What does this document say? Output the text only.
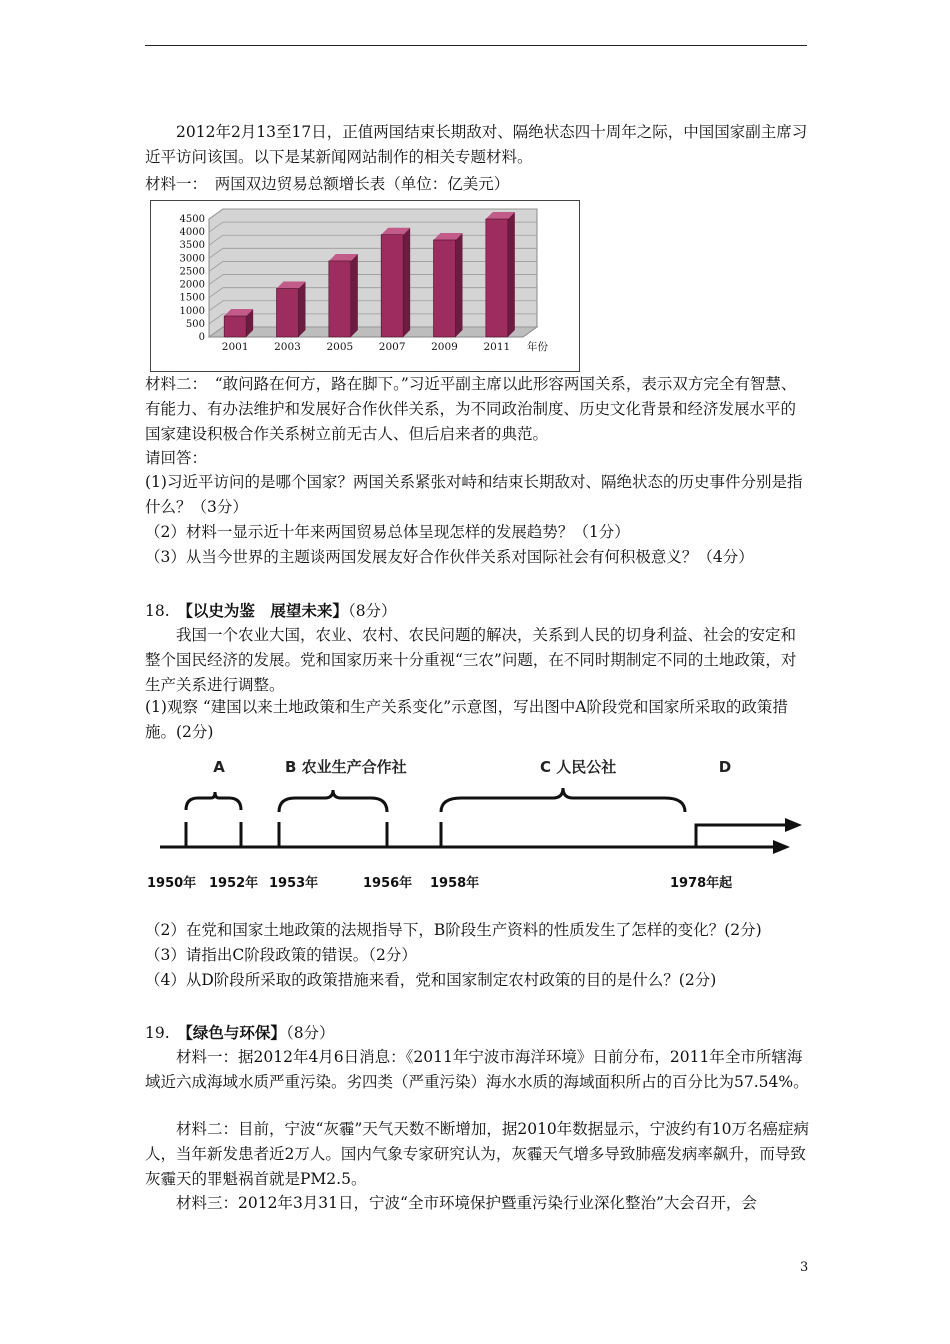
2012年2月13至17日，正值两国结束长期敌对、隔绝状态四十周年之际，中国国家副主席习近平访问该国。以下是某新闻网站制作的相关专题材料。

材料一：　两国双边贸易总额增长表（单位：亿美元）

0
500
1000
1500
2000
2500
3000
3500
4000
4500
2001 2003 2005 2007 2009 2011 年份

材料二：　“敢问路在何方，路在脚下。”习近平副主席以此形容两国关系，表示双方完全有智慧、有能力、有办法维护和发展好合作伙伴关系，为不同政治制度、历史文化背景和经济发展水平的国家建设积极合作关系树立前无古人、但后启来者的典范。

请回答：

(1)习近平访问的是哪个国家？两国关系紧张对峙和结束长期敌对、隔绝状态的历史事件分别是指什么？（3分）

（2）材料一显示近十年来两国贸易总体呈现怎样的发展趋势？（1分）

（3）从当今世界的主题谈两国发展友好合作伙伴关系对国际社会有何积极意义？（4分）

18.　 【以史为鉴　展望未来】（8分）

我国一个农业大国，农业、农村、农民问题的解决，关系到人民的切身利益、社会的安定和整个国民经济的发展。党和国家历来十分重视“三农”问题，在不同时期制定不同的土地政策，对生产关系进行调整。

(1)观察 “建国以来土地政策和生产关系变化”示意图，写出图中A阶段党和国家所采取的政策措施。(2分)

A	B 农业生产合作社	C 人民公社	D
1950年 1952年 1953年	1956年 1958年	1978年起

（2）在党和国家土地政策的法规指导下，B阶段生产资料的性质发生了怎样的变化？(2分)

（3）请指出C阶段政策的错误。（2分）

（4）从D阶段所采取的政策措施来看，党和国家制定农村政策的目的是什么？(2分)

19.　 【绿色与环保】（8分）

材料一：据2012年4月6日消息：《2011年宁波市海洋环境》日前分布，2011年全市所辖海域近六成海域水质严重污染。劣四类（严重污染）海水水质的海域面积所占的百分比为57.54%。

材料二：目前，宁波“灰霾”天气天数不断增加，据2010年数据显示，宁波约有10万名癌症病人，当年新发患者近2万人。国内气象专家研究认为，灰霾天气增多导致肺癌发病率飙升，而导致灰霾天的罪魁祸首就是PM2.5。

材料三：2012年3月31日，宁波“全市环境保护暨重污染行业深化整治”大会召开，会

3
